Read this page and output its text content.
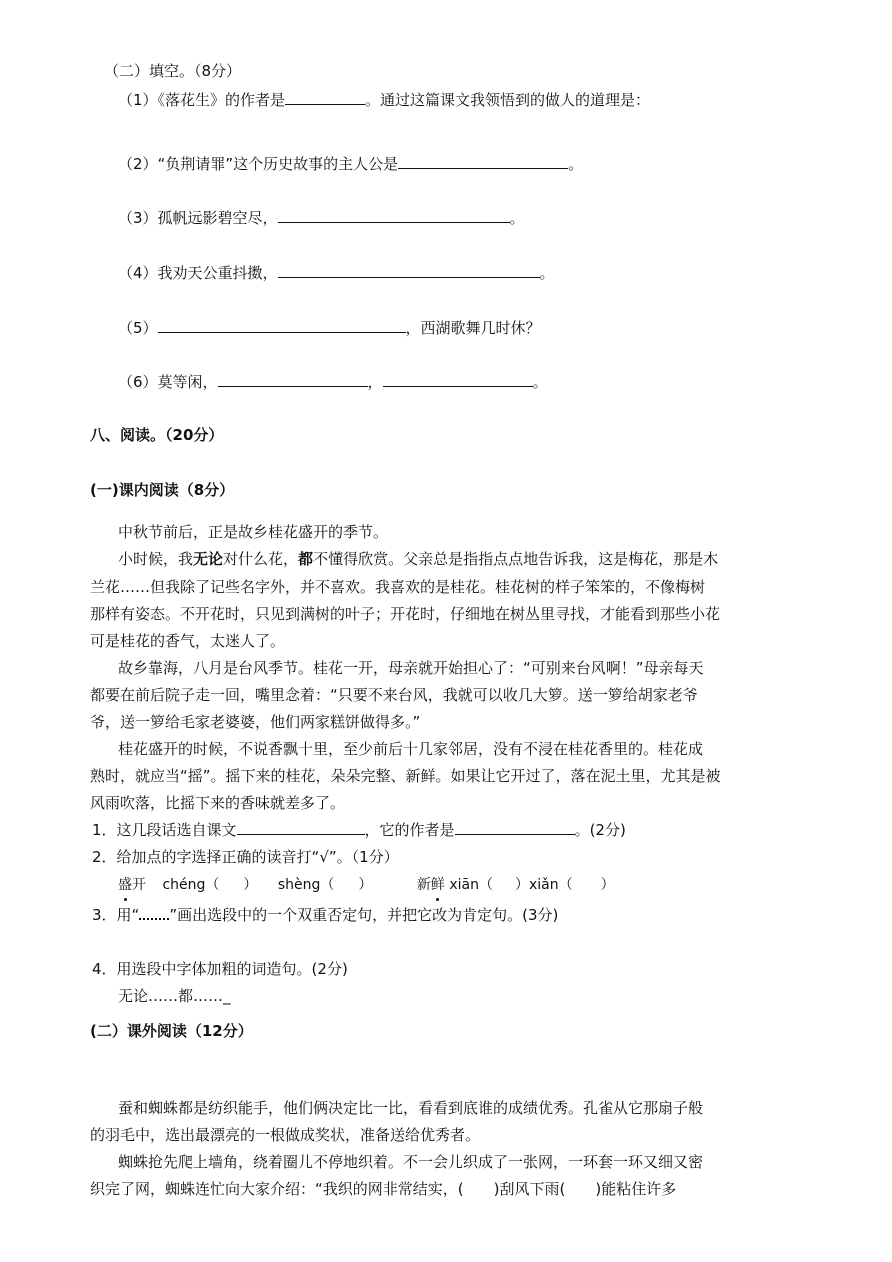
（二）填空。（8分）
（1）《落花生》的作者是	。通过这篇课文我领悟到的做人的道理是：
（2）“负荆请罪”这个历史故事的主人公是	。
（3）孤帆远影碧空尽，	。
（4）我劝天公重抖擞，	。
（5）	，西湖歌舞几时休？
（6）莫等闲，	，	。
八、阅读。（20分）
(一)课内阅读（8分）
中秋节前后，正是故乡桂花盛开的季节。
小时候，我无论对什么花，都不懂得欣赏。父亲总是指指点点地告诉我，这是梅花，那是木
兰花……但我除了记些名字外，并不喜欢。我喜欢的是桂花。桂花树的样子笨笨的，不像梅树
那样有姿态。不开花时，只见到满树的叶子；开花时，仔细地在树丛里寻找，才能看到那些小花
可是桂花的香气，太迷人了。
故乡靠海，八月是台风季节。桂花一开，母亲就开始担心了：“可别来台风啊！”母亲每天
都要在前后院子走一回，嘴里念着：“只要不来台风，我就可以收几大箩。送一箩给胡家老爷
爷，送一箩给毛家老婆婆，他们两家糕饼做得多。”
桂花盛开的时候，不说香飘十里，至少前后十几家邻居，没有不浸在桂花香里的。桂花成
熟时，就应当“摇”。摇下来的桂花，朵朵完整、新鲜。如果让它开过了，落在泥土里，尤其是被
风雨吹落，比摇下来的香味就差多了。
1．这几段话选自课文	，它的作者是	。(2分)
2．给加点的字选择正确的读音打“√”。（1分）
盛开 chéng（ ） shèng（ ）	新鲜 xiān（ ）xiǎn（ ）
3．用“ ”画出选段中的一个双重否定句，并把它改为肯定句。(3分)
4．用选段中字体加粗的词造句。(2分)
无论……都……_
(二）课外阅读（12分）
蚕和蜘蛛都是纺织能手，他们俩决定比一比，看看到底谁的成绩优秀。孔雀从它那扇子般
的羽毛中，选出最漂亮的一根做成奖状，准备送给优秀者。
蜘蛛抢先爬上墙角，绕着圈儿不停地织着。不一会儿织成了一张网，一环套一环又细又密
织完了网，蜘蛛连忙向大家介绍：“我织的网非常结实，( )刮风下雨( )能粘住许多
